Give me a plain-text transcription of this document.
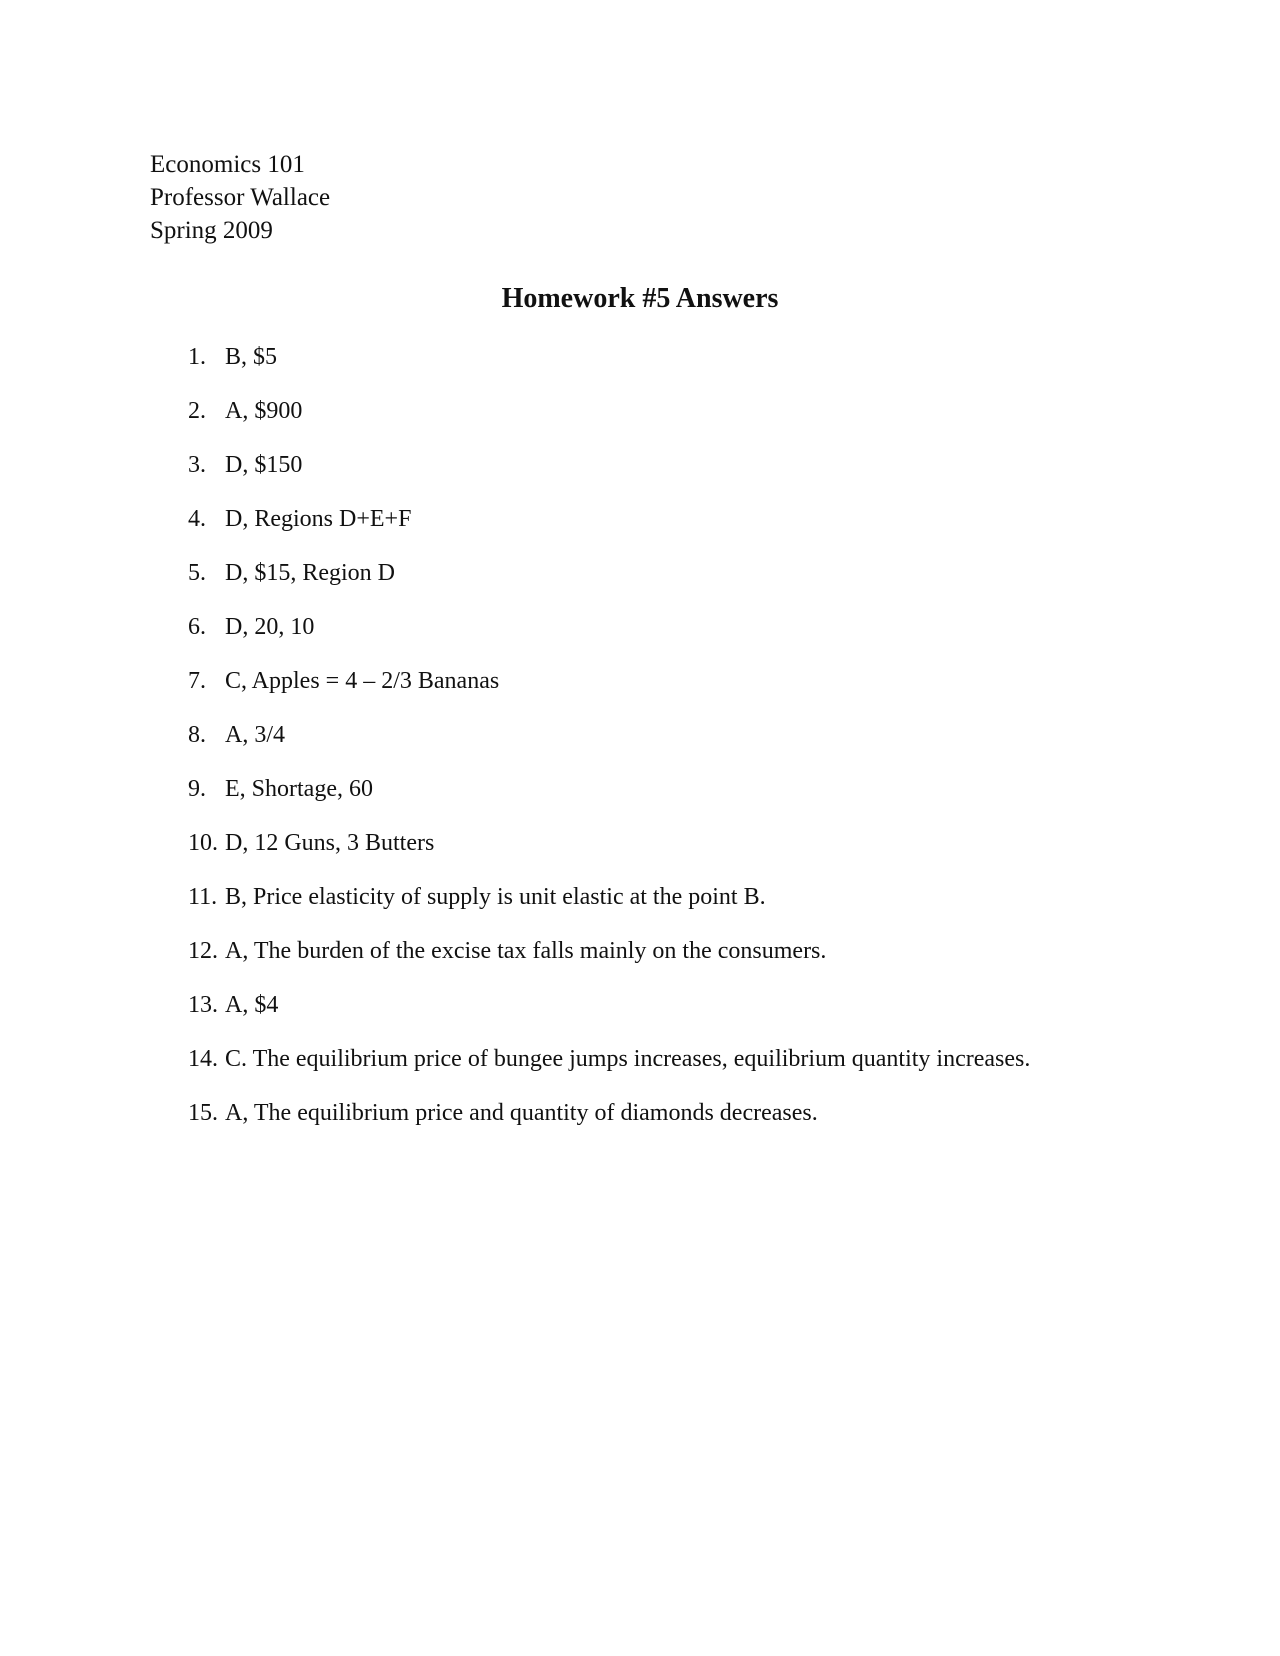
Economics 101
Professor Wallace
Spring 2009
Homework #5 Answers
1. B, $5
2. A, $900
3. D, $150
4. D, Regions D+E+F
5. D, $15, Region D
6. D, 20, 10
7. C, Apples = 4 – 2/3 Bananas
8. A, 3/4
9. E, Shortage, 60
10. D, 12 Guns, 3 Butters
11. B, Price elasticity of supply is unit elastic at the point B.
12. A, The burden of the excise tax falls mainly on the consumers.
13. A, $4
14. C. The equilibrium price of bungee jumps increases, equilibrium quantity increases.
15. A, The equilibrium price and quantity of diamonds decreases.
